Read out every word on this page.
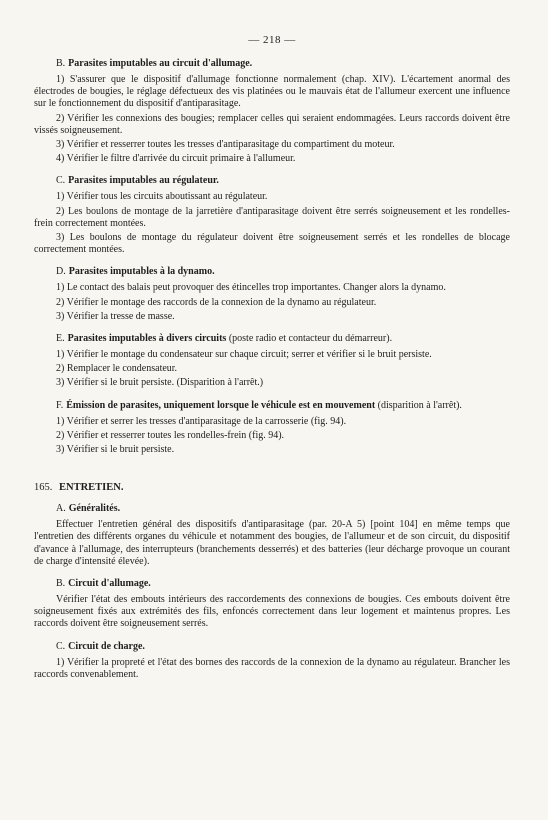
— 218 —
B. Parasites imputables au circuit d'allumage.

1) S'assurer que le dispositif d'allumage fonctionne normalement (chap. XIV). L'écartement anormal des électrodes de bougies, le réglage défectueux des vis platinées ou le mauvais état de l'allumeur exercent une influence sur le fonctionnement du dispositif d'antiparasitage.

2) Vérifier les connexions des bougies; remplacer celles qui seraient endommagées. Leurs raccords doivent être vissés soigneusement.

3) Vérifier et resserrer toutes les tresses d'antiparasitage du compartiment du moteur.

4) Vérifier le filtre d'arrivée du circuit primaire à l'allumeur.

C. Parasites imputables au régulateur.

1) Vérifier tous les circuits aboutissant au régulateur.

2) Les boulons de montage de la jarretière d'antiparasitage doivent être serrés soigneusement et les rondelles-frein correctement montées.

3) Les boulons de montage du régulateur doivent être soigneusement serrés et les rondelles de blocage correctement montées.

D. Parasites imputables à la dynamo.

1) Le contact des balais peut provoquer des étincelles trop importantes. Changer alors la dynamo.

2) Vérifier le montage des raccords de la connexion de la dynamo au régulateur.

3) Vérifier la tresse de masse.

E. Parasites imputables à divers circuits (poste radio et contacteur du démarreur).

1) Vérifier le montage du condensateur sur chaque circuit; serrer et vérifier si le bruit persiste.

2) Remplacer le condensateur.

3) Vérifier si le bruit persiste. (Disparition à l'arrêt.)

F. Émission de parasites, uniquement lorsque le véhicule est en mouvement (disparition à l'arrêt).

1) Vérifier et serrer les tresses d'antiparasitage de la carrosserie (fig. 94).

2) Vérifier et resserrer toutes les rondelles-frein (fig. 94).

3) Vérifier si le bruit persiste.

165. ENTRETIEN.
A. Généralités.

Effectuer l'entretien général des dispositifs d'antiparasitage (par. 20-A 5) [point 104] en même temps que l'entretien des différents organes du véhicule et notamment des bougies, de l'allumeur et de son circuit, du dispositif d'avance à l'allumage, des interrupteurs (branchements desserrés) et des batteries (leur décharge provoque un courant de charge d'intensité élevée).

B. Circuit d'allumage.

Vérifier l'état des embouts intérieurs des raccordements des connexions de bougies. Ces embouts doivent être soigneusement fixés aux extrémités des fils, enfoncés correctement dans leur logement et maintenus propres. Les raccords doivent être soigneusement serrés.

C. Circuit de charge.

1) Vérifier la propreté et l'état des bornes des raccords de la connexion de la dynamo au régulateur. Brancher les raccords convenablement.
